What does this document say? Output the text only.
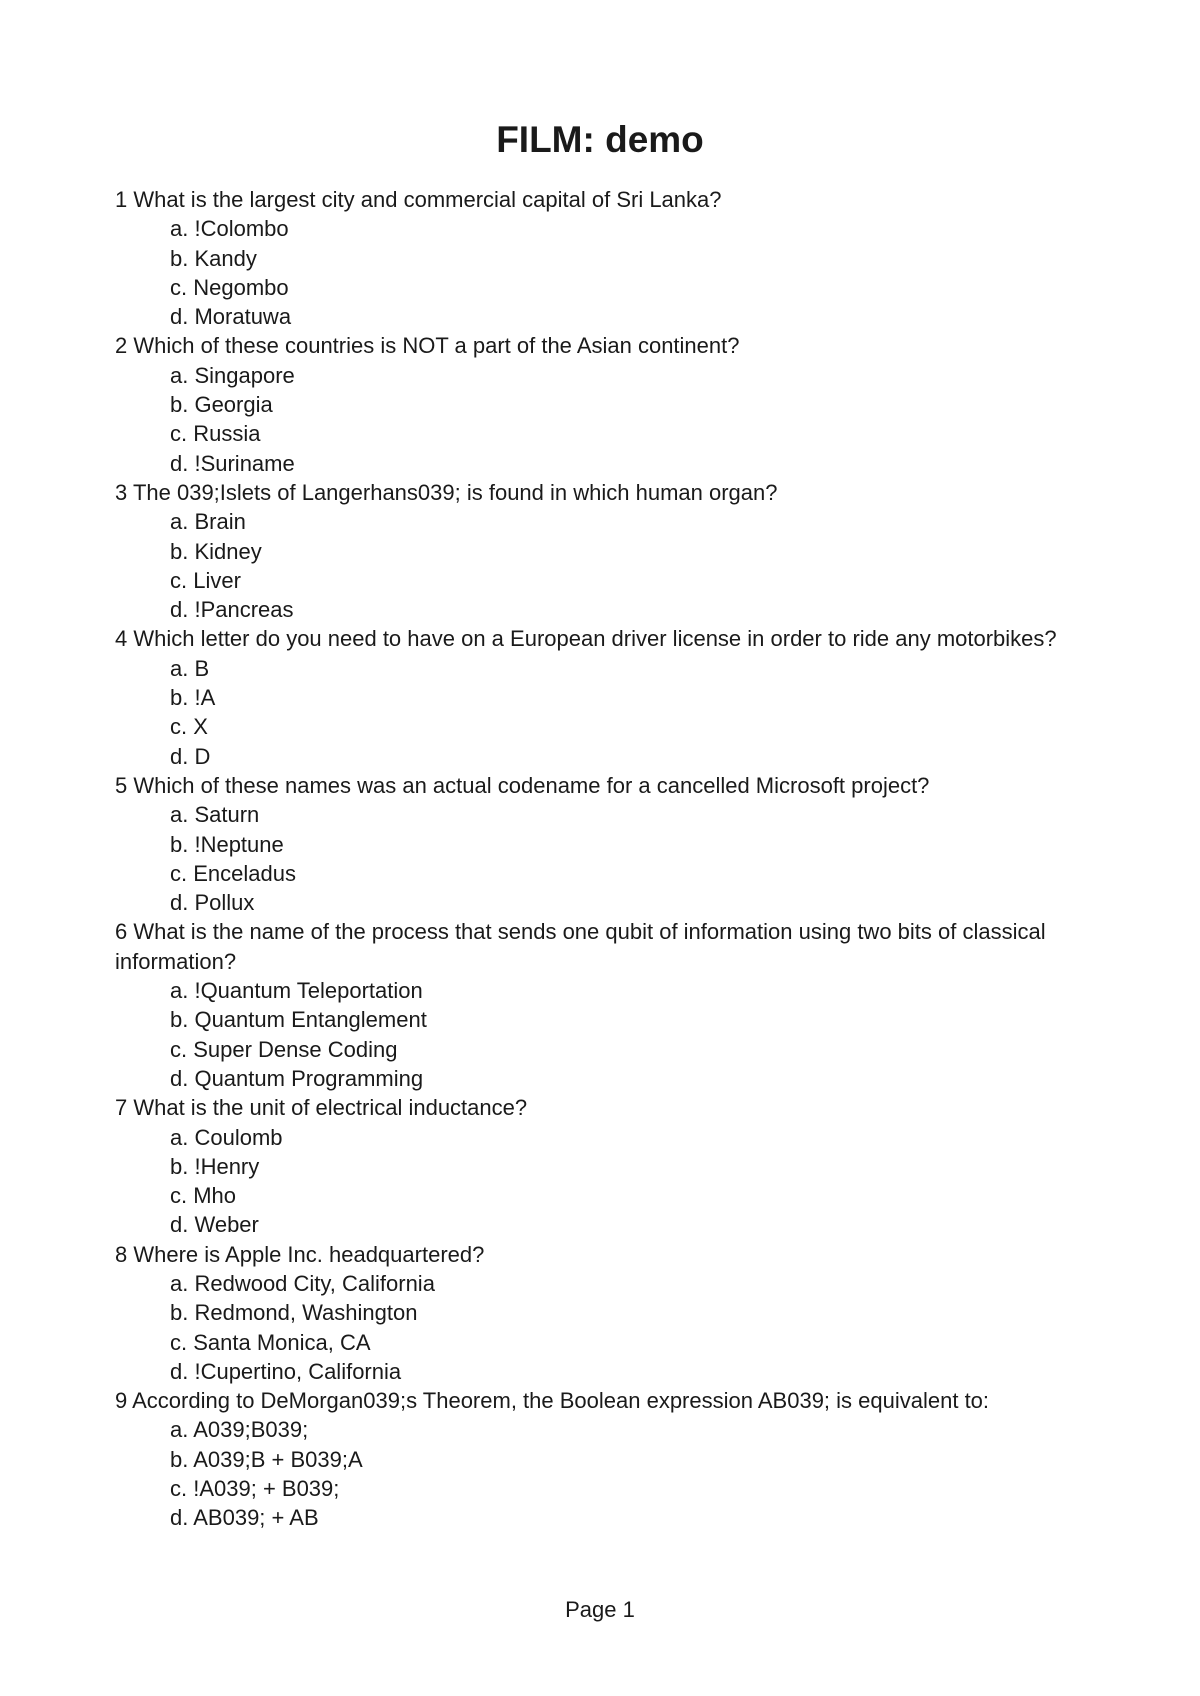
FILM: demo
1 What is the largest city and commercial capital of Sri Lanka?
a. !Colombo
b. Kandy
c. Negombo
d. Moratuwa
2 Which of these countries is NOT a part of the Asian continent?
a. Singapore
b. Georgia
c. Russia
d. !Suriname
3 The 039;Islets of Langerhans039; is found in which human organ?
a. Brain
b. Kidney
c. Liver
d. !Pancreas
4 Which letter do you need to have on a European driver license in order to ride any motorbikes?
a. B
b. !A
c. X
d. D
5 Which of these names was an actual codename for a cancelled Microsoft project?
a. Saturn
b. !Neptune
c. Enceladus
d. Pollux
6 What is the name of the process that sends one qubit of information using two bits of classical information?
a. !Quantum Teleportation
b. Quantum Entanglement
c. Super Dense Coding
d. Quantum Programming
7 What is the unit of electrical inductance?
a. Coulomb
b. !Henry
c. Mho
d. Weber
8 Where is Apple Inc. headquartered?
a. Redwood City, California
b. Redmond, Washington
c. Santa Monica, CA
d. !Cupertino, California
9 According to DeMorgan039;s Theorem, the Boolean expression AB039; is equivalent to:
a. A039;B039;
b. A039;B + B039;A
c. !A039; + B039;
d. AB039; + AB
Page 1
